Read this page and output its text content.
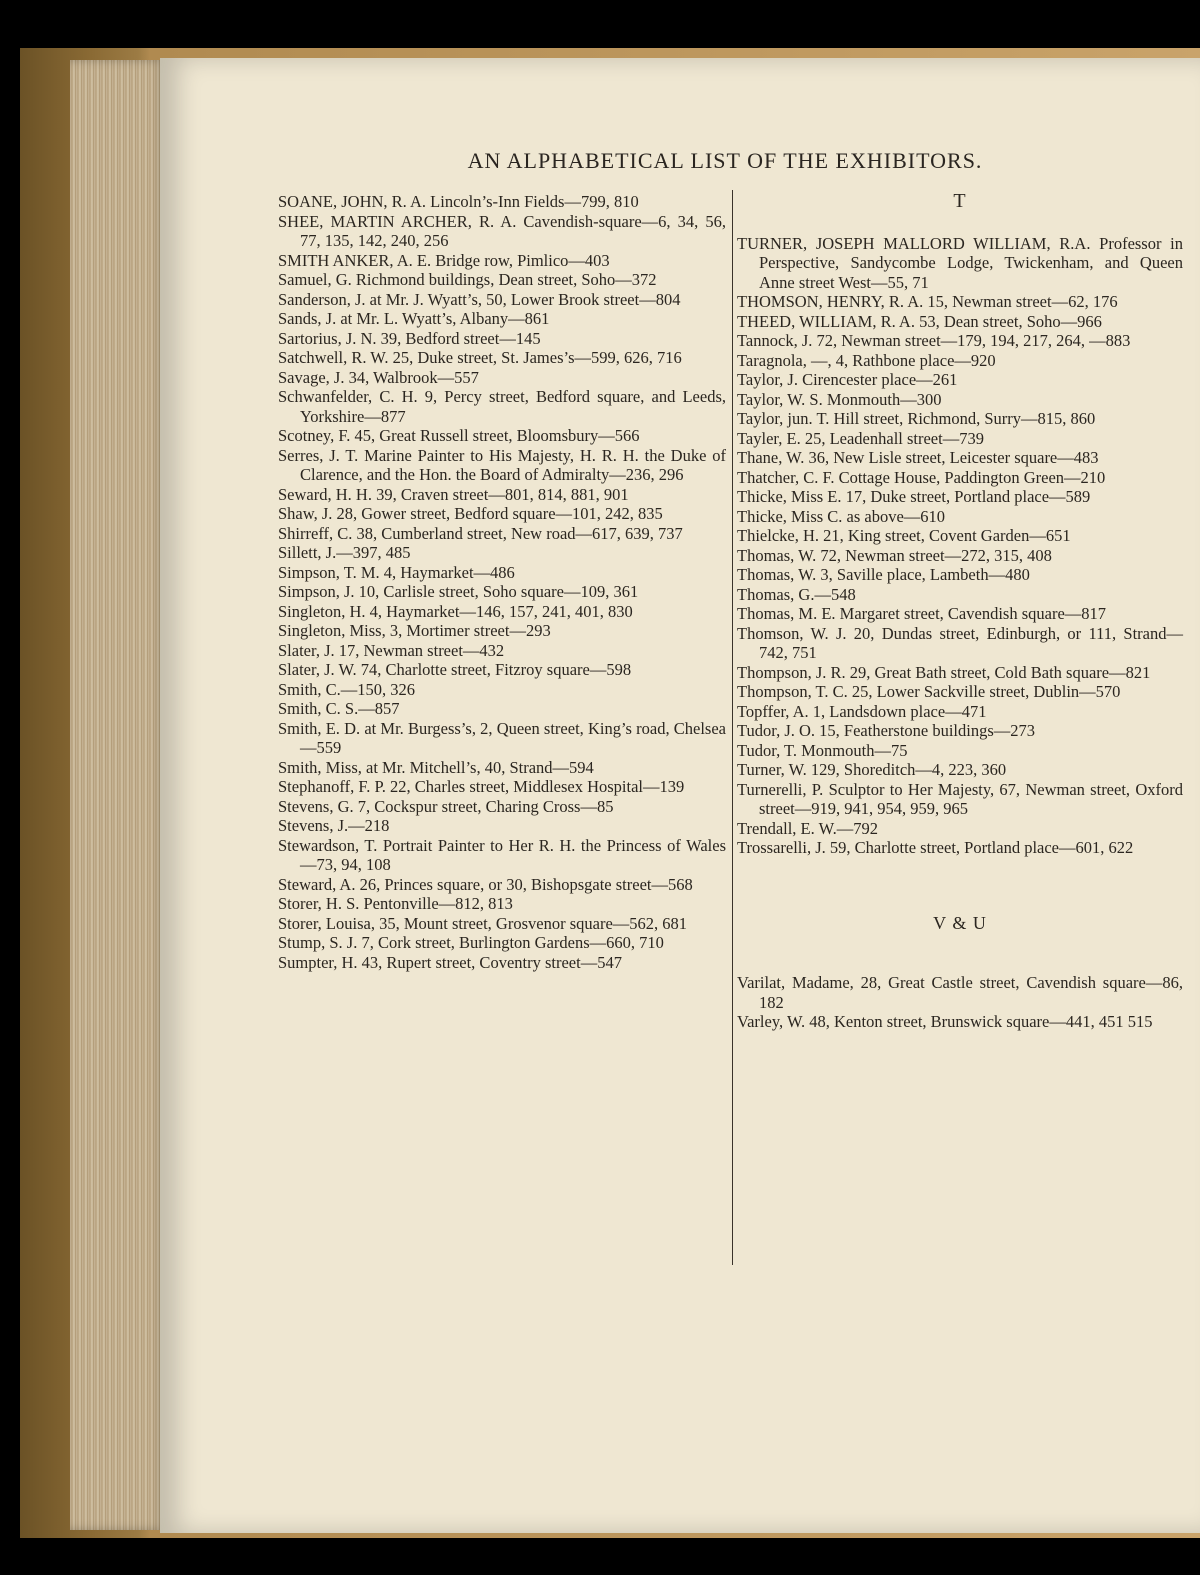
AN ALPHABETICAL LIST OF THE EXHIBITORS.
SOANE, JOHN, R. A. Lincoln’s-Inn Fields—799, 810
SHEE, MARTIN ARCHER, R. A. Cavendish-square—6, 34, 56, 77, 135, 142, 240, 256
SMITH ANKER, A. E. Bridge row, Pimlico—403
Samuel, G. Richmond buildings, Dean street, Soho—372
Sanderson, J. at Mr. J. Wyatt’s, 50, Lower Brook street—804
Sands, J. at Mr. L. Wyatt’s, Albany—861
Sartorius, J. N. 39, Bedford street—145
Satchwell, R. W. 25, Duke street, St. James’s—599, 626, 716
Savage, J. 34, Walbrook—557
Schwanfelder, C. H. 9, Percy street, Bedford square, and Leeds, Yorkshire—877
Scotney, F. 45, Great Russell street, Bloomsbury—566
Serres, J. T. Marine Painter to His Majesty, H. R. H. the Duke of Clarence, and the Hon. the Board of Admiralty—236, 296
Seward, H. H. 39, Craven street—801, 814, 881, 901
Shaw, J. 28, Gower street, Bedford square—101, 242, 835
Shirreff, C. 38, Cumberland street, New road—617, 639, 737
Sillett, J.—397, 485
Simpson, T. M. 4, Haymarket—486
Simpson, J. 10, Carlisle street, Soho square—109, 361
Singleton, H. 4, Haymarket—146, 157, 241, 401, 830
Singleton, Miss, 3, Mortimer street—293
Slater, J. 17, Newman street—432
Slater, J. W. 74, Charlotte street, Fitzroy square—598
Smith, C.—150, 326
Smith, C. S.—857
Smith, E. D. at Mr. Burgess’s, 2, Queen street, King’s road, Chelsea—559
Smith, Miss, at Mr. Mitchell’s, 40, Strand—594
Stephanoff, F. P. 22, Charles street, Middlesex Hospital—139
Stevens, G. 7, Cockspur street, Charing Cross—85
Stevens, J.—218
Stewardson, T. Portrait Painter to Her R. H. the Princess of Wales—73, 94, 108
Steward, A. 26, Princes square, or 30, Bishopsgate street—568
Storer, H. S. Pentonville—812, 813
Storer, Louisa, 35, Mount street, Grosvenor square—562, 681
Stump, S. J. 7, Cork street, Burlington Gardens—660, 710
Sumpter, H. 43, Rupert street, Coventry street—547
T
TURNER, JOSEPH MALLORD WILLIAM, R.A. Professor in Perspective, Sandycombe Lodge, Twickenham, and Queen Anne street West—55, 71
THOMSON, HENRY, R. A. 15, Newman street—62, 176
THEED, WILLIAM, R. A. 53, Dean street, Soho—966
Tannock, J. 72, Newman street—179, 194, 217, 264, —883
Taragnola, —, 4, Rathbone place—920
Taylor, J. Cirencester place—261
Taylor, W. S. Monmouth—300
Taylor, jun. T. Hill street, Richmond, Surry—815, 860
Tayler, E. 25, Leadenhall street—739
Thane, W. 36, New Lisle street, Leicester square—483
Thatcher, C. F. Cottage House, Paddington Green—210
Thicke, Miss E. 17, Duke street, Portland place—589
Thicke, Miss C. as above—610
Thielcke, H. 21, King street, Covent Garden—651
Thomas, W. 72, Newman street—272, 315, 408
Thomas, W. 3, Saville place, Lambeth—480
Thomas, G.—548
Thomas, M. E. Margaret street, Cavendish square—817
Thomson, W. J. 20, Dundas street, Edinburgh, or 111, Strand—742, 751
Thompson, J. R. 29, Great Bath street, Cold Bath square—821
Thompson, T. C. 25, Lower Sackville street, Dublin—570
Topffer, A. 1, Landsdown place—471
Tudor, J. O. 15, Featherstone buildings—273
Tudor, T. Monmouth—75
Turner, W. 129, Shoreditch—4, 223, 360
Turnerelli, P. Sculptor to Her Majesty, 67, Newman street, Oxford street—919, 941, 954, 959, 965
Trendall, E. W.—792
Trossarelli, J. 59, Charlotte street, Portland place—601, 622
V & U
Varilat, Madame, 28, Great Castle street, Cavendish square—86, 182
Varley, W. 48, Kenton street, Brunswick square—441, 451 515
